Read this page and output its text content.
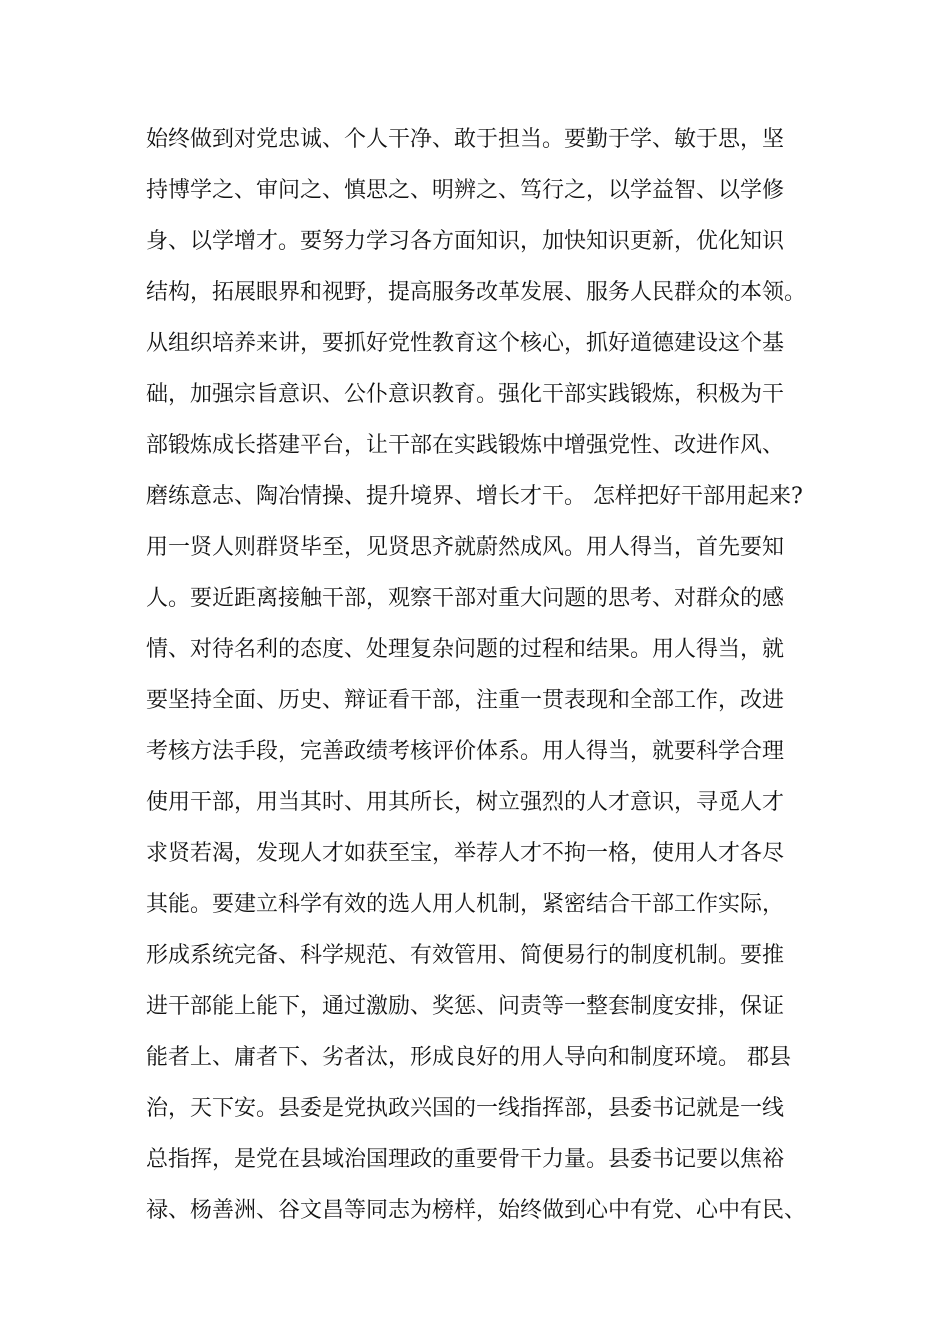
始终做到对党忠诚、个人干净、敢于担当。要勤于学、敏于思，坚
持博学之、审问之、慎思之、明辨之、笃行之，以学益智、以学修
身、以学增才。要努力学习各方面知识，加快知识更新，优化知识
结构，拓展眼界和视野，提高服务改革发展、服务人民群众的本领。
从组织培养来讲，要抓好党性教育这个核心，抓好道德建设这个基
础，加强宗旨意识、公仆意识教育。强化干部实践锻炼，积极为干
部锻炼成长搭建平台，让干部在实践锻炼中增强党性、改进作风、
磨练意志、陶冶情操、提升境界、增长才干。 怎样把好干部用起来?
用一贤人则群贤毕至，见贤思齐就蔚然成风。用人得当，首先要知
人。要近距离接触干部，观察干部对重大问题的思考、对群众的感
情、对待名利的态度、处理复杂问题的过程和结果。用人得当，就
要坚持全面、历史、辩证看干部，注重一贯表现和全部工作，改进
考核方法手段，完善政绩考核评价体系。用人得当，就要科学合理
使用干部，用当其时、用其所长，树立强烈的人才意识，寻觅人才
求贤若渴，发现人才如获至宝，举荐人才不拘一格，使用人才各尽
其能。要建立科学有效的选人用人机制，紧密结合干部工作实际，
形成系统完备、科学规范、有效管用、简便易行的制度机制。要推
进干部能上能下，通过激励、奖惩、问责等一整套制度安排，保证
能者上、庸者下、劣者汰，形成良好的用人导向和制度环境。 郡县
治，天下安。县委是党执政兴国的一线指挥部，县委书记就是一线
总指挥，是党在县域治国理政的重要骨干力量。县委书记要以焦裕
禄、杨善洲、谷文昌等同志为榜样，始终做到心中有党、心中有民、
